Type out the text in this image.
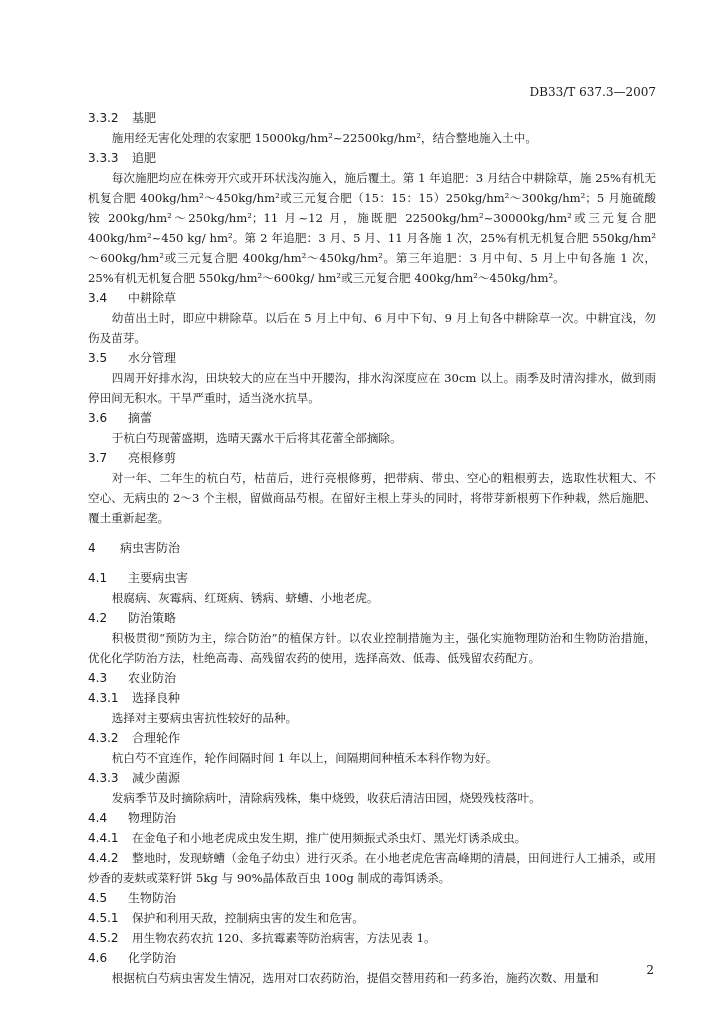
DB33/T 637.3—2007
3.3.2 基肥

施用经无害化处理的农家肥 15000kg/hm²~22500kg/hm²，结合整地施入土中。

3.3.3 追肥

每次施肥均应在株旁开穴或开环状浅沟施入，施后覆土。第 1 年追肥：3 月结合中耕除草，施 25%有机无机复合肥 400kg/hm²～450kg/hm²或三元复合肥（15：15：15）250kg/hm²～300kg/hm²；5 月施硫酸铵 200kg/hm²～250kg/hm²；11 月~12 月，施既肥 22500kg/hm²~30000kg/hm²或三元复合肥 400kg/hm²~450 kg/ hm²。第 2 年追肥：3 月、5 月、11 月各施 1 次，25%有机无机复合肥 550kg/hm²～600kg/hm²或三元复合肥 400kg/hm²～450kg/hm²。第三年追肥：3 月中旬、5 月上中旬各施 1 次，25%有机无机复合肥 550kg/hm²～600kg/ hm²或三元复合肥 400kg/hm²～450kg/hm²。

3.4 中耕除草

幼苗出土时，即应中耕除草。以后在 5 月上中旬、6 月中下旬、9 月上旬各中耕除草一次。中耕宜浅，勿伤及苗芽。

3.5 水分管理

四周开好排水沟，田块较大的应在当中开腰沟，排水沟深度应在 30cm 以上。雨季及时清沟排水，做到雨停田间无积水。干旱严重时，适当浇水抗旱。

3.6 摘蕾

于杭白芍现蕾盛期，选晴天露水干后将其花蕾全部摘除。

3.7 亮根修剪

对一年、二年生的杭白芍，枯苗后，进行亮根修剪，把带病、带虫、空心的粗根剪去，选取性状粗大、不空心、无病虫的 2～3 个主根，留做商品芍根。在留好主根上芽头的同时，将带芽新根剪下作种栽，然后施肥、覆土重新起垄。

4 病虫害防治
4.1 主要病虫害

根腐病、灰霉病、红斑病、锈病、蛴螬、小地老虎。

4.2 防治策略

积极贯彻“预防为主，综合防治”的植保方针。以农业控制措施为主，强化实施物理防治和生物防治措施，优化化学防治方法，杜绝高毒、高残留农药的使用，选择高效、低毒、低残留农药配方。

4.3 农业防治
4.3.1 选择良种

选择对主要病虫害抗性较好的品种。

4.3.2 合理轮作

杭白芍不宜连作，轮作间隔时间 1 年以上，间隔期间种植禾本科作物为好。

4.3.3 减少菌源

发病季节及时摘除病叶，清除病残株，集中烧毁，收获后清洁田园，烧毁残枝落叶。

4.4 物理防治

4.4.1 在金龟子和小地老虎成虫发生期，推广使用频振式杀虫灯、黑光灯诱杀成虫。

4.4.2 整地时，发现蛴螬（金龟子幼虫）进行灭杀。在小地老虎危害高峰期的清晨，田间进行人工捕杀，或用炒香的麦麸或菜籽饼 5kg 与 90%晶体敌百虫 100g 制成的毒饵诱杀。

4.5 生物防治

4.5.1 保护和利用天敌，控制病虫害的发生和危害。

4.5.2 用生物农药农抗 120、多抗霉素等防治病害，方法见表 1。

4.6 化学防治

根据杭白芍病虫害发生情况，选用对口农药防治，提倡交替用药和一药多治，施药次数、用量和

2
